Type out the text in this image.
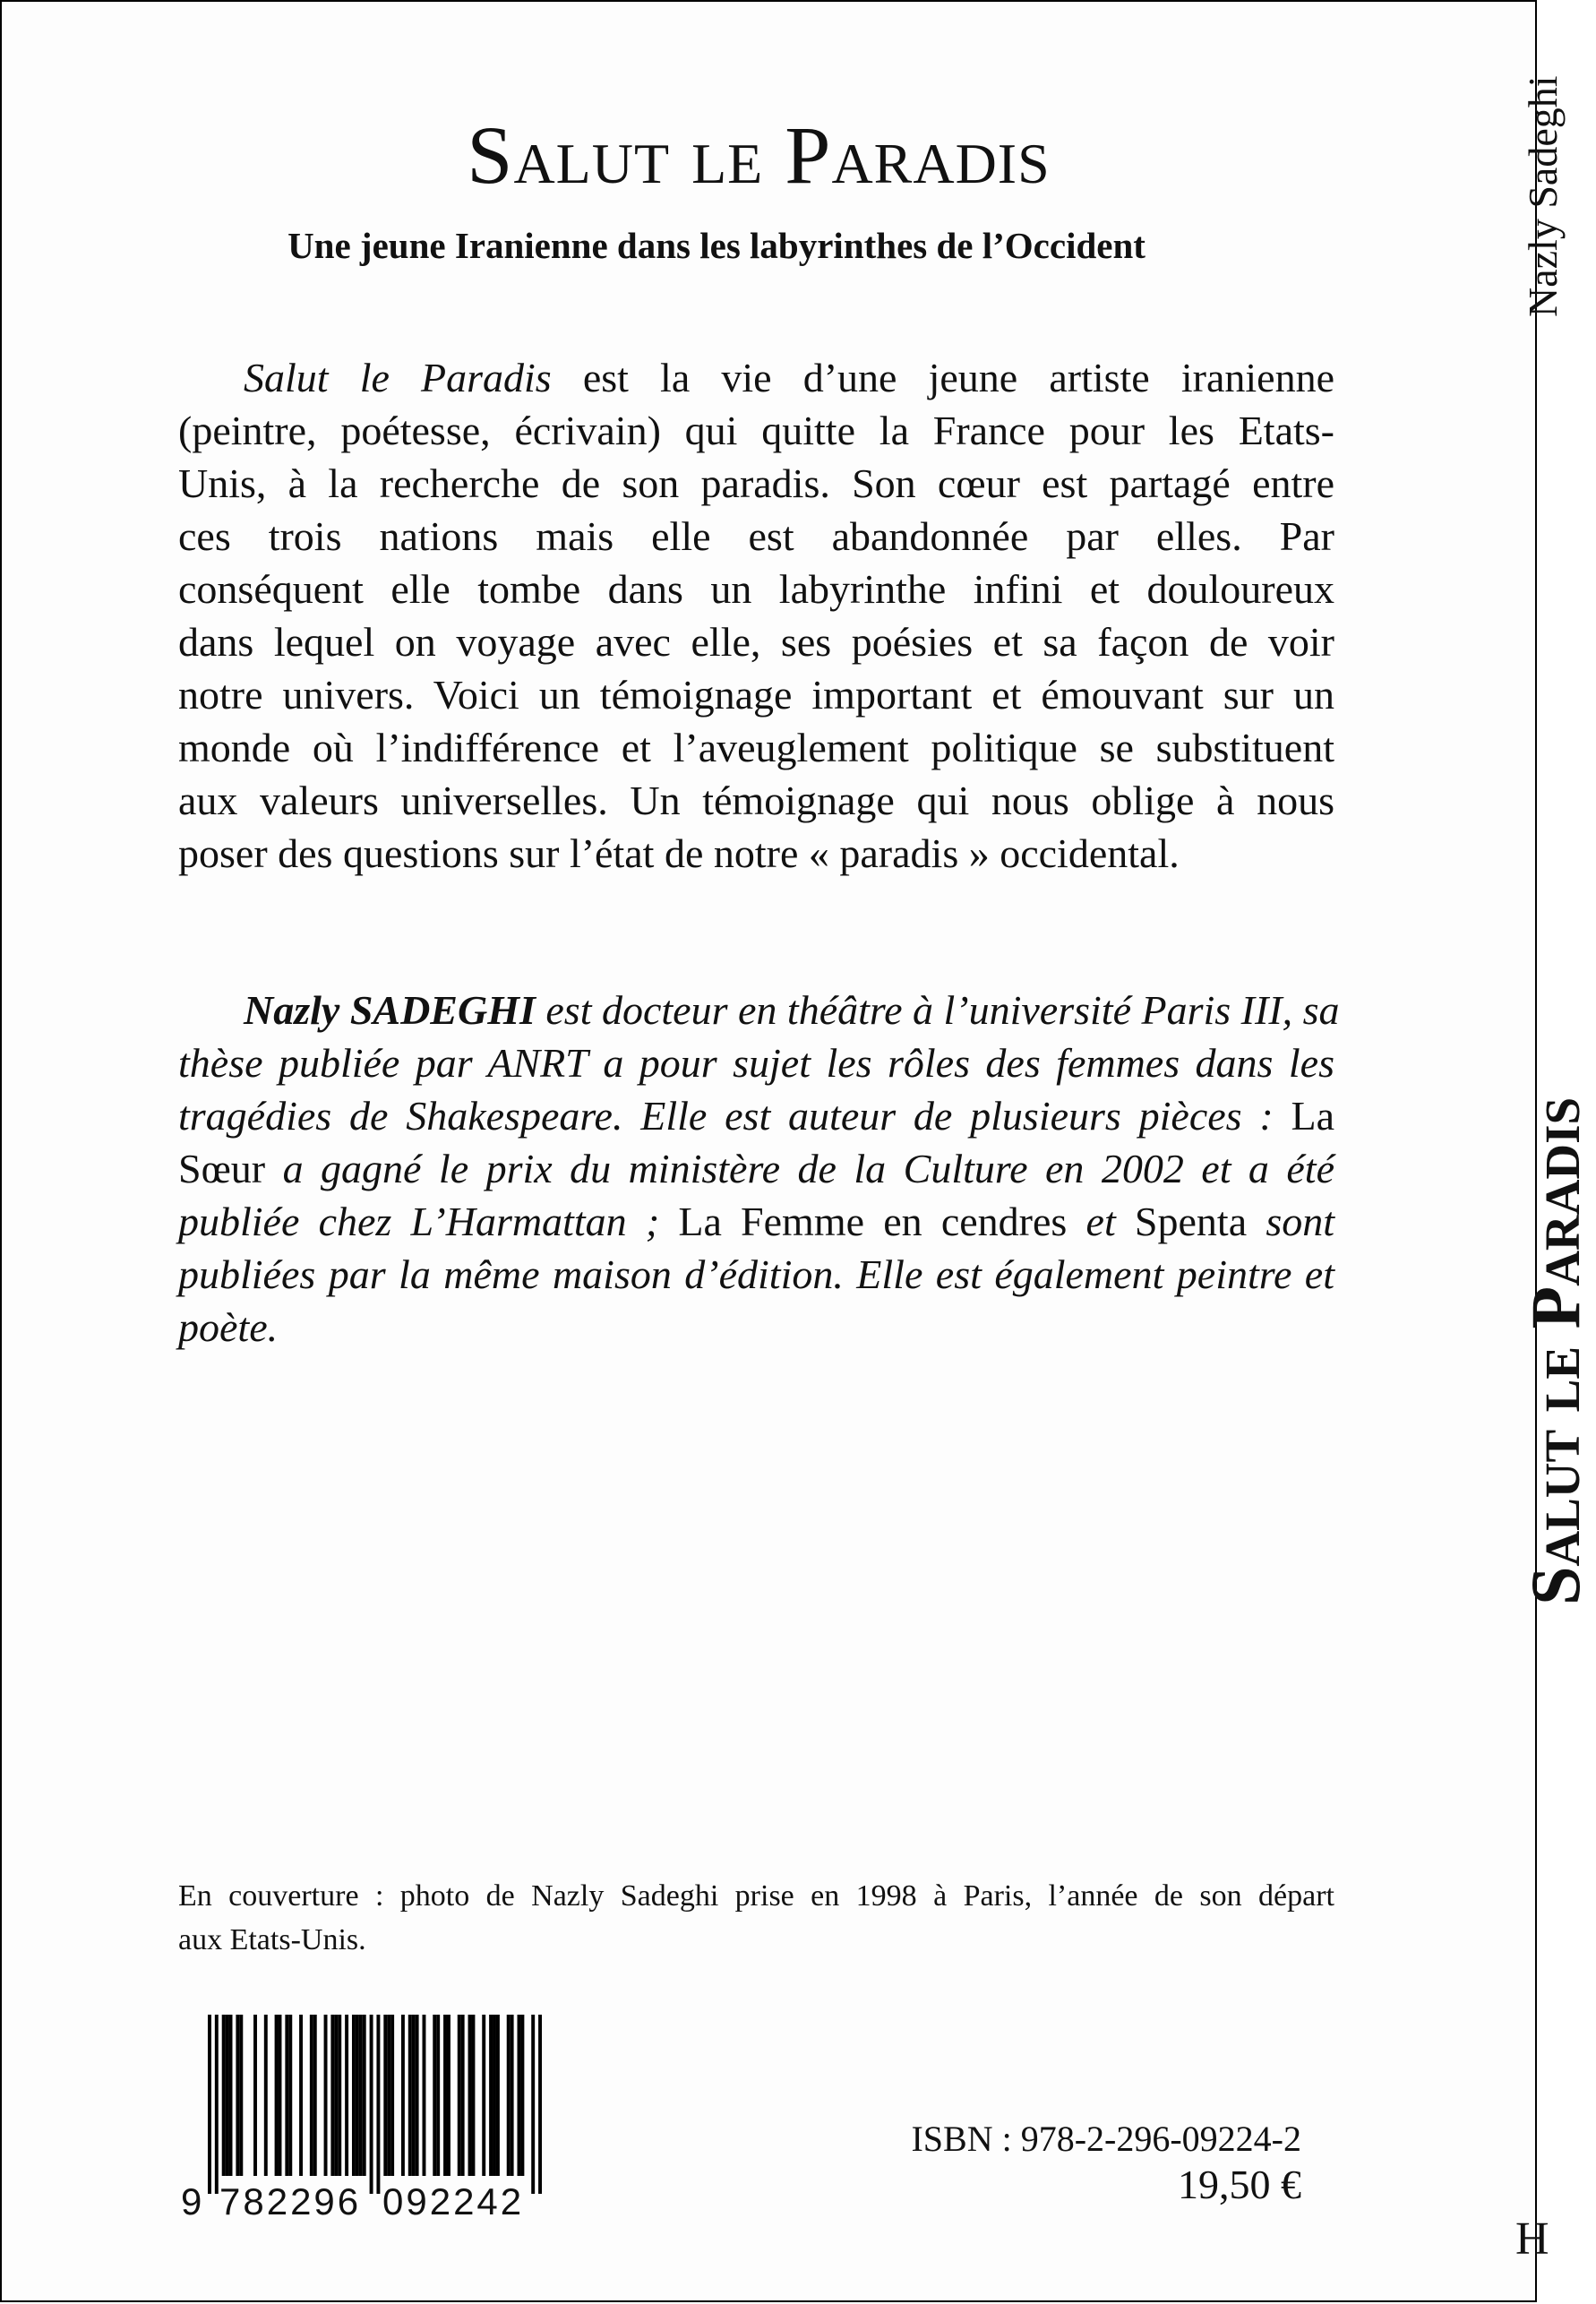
Salut le Paradis
Une jeune Iranienne dans les labyrinthes de l’Occident
Salut le Paradis est la vie d’une jeune artiste iranienne
(peintre, poétesse, écrivain) qui quitte la France pour les Etats-
Unis, à la recherche de son paradis. Son cœur est partagé entre
ces trois nations mais elle est abandonnée par elles. Par
conséquent elle tombe dans un labyrinthe infini et douloureux
dans lequel on voyage avec elle, ses poésies et sa façon de voir
notre univers. Voici un témoignage important et émouvant sur un
monde où l’indifférence et l’aveuglement politique se substituent
aux valeurs universelles. Un témoignage qui nous oblige à nous
poser des questions sur l’état de notre « paradis » occidental.
Nazly SADEGHI est docteur en théâtre à l’université Paris III, sa
thèse publiée par ANRT a pour sujet les rôles des femmes dans les
tragédies de Shakespeare. Elle est auteur de plusieurs pièces : La
Sœur a gagné le prix du ministère de la Culture en 2002 et a été
publiée chez L’Harmattan ; La Femme en cendres et Spenta sont
publiées par la même maison d’édition. Elle est également peintre et
poète.
En couverture : photo de Nazly Sadeghi prise en 1998 à Paris, l’année de son départ
aux Etats-Unis.
9 782296 092242
ISBN : 978-2-296-09224-2
19,50 €
Nazly Sadeghi
Salut le Paradis
H
